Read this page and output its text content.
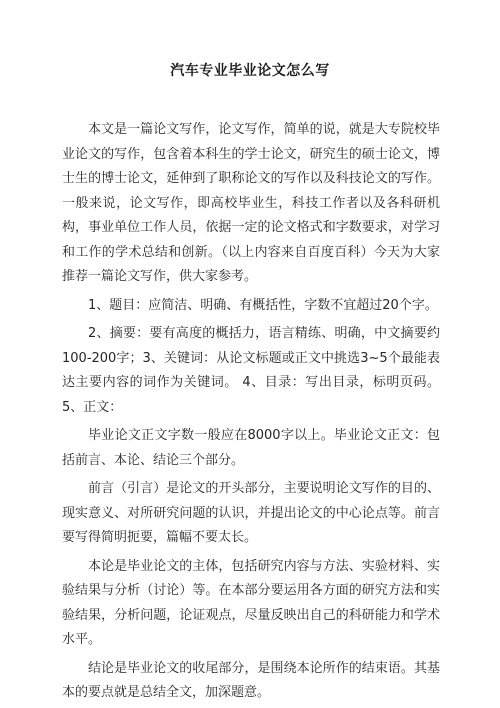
汽车专业毕业论文怎么写

本文是一篇论文写作，论文写作，简单的说，就是大专院校毕业论文的写作，包含着本科生的学士论文，研究生的硕士论文，博士生的博士论文，延伸到了职称论文的写作以及科技论文的写作。一般来说，论文写作，即高校毕业生，科技工作者以及各科研机构，事业单位工作人员，依据一定的论文格式和字数要求，对学习和工作的学术总结和创新。（以上内容来自百度百科）今天为大家推荐一篇论文写作，供大家参考。

1、题目：应简洁、明确、有概括性，字数不宜超过20个字。

2、摘要：要有高度的概括力，语言精练、明确，中文摘要约100-200字；3、关键词：从论文标题或正文中挑选3~5个最能表达主要内容的词作为关键词。 4、目录：写出目录，标明页码。 5、正文：

毕业论文正文字数一般应在8000字以上。毕业论文正文：包括前言、本论、结论三个部分。

前言（引言）是论文的开头部分，主要说明论文写作的目的、现实意义、对所研究问题的认识，并提出论文的中心论点等。前言要写得简明扼要，篇幅不要太长。

本论是毕业论文的主体，包括研究内容与方法、实验材料、实验结果与分析（讨论）等。在本部分要运用各方面的研究方法和实验结果，分析问题，论证观点，尽量反映出自己的科研能力和学术水平。

结论是毕业论文的收尾部分，是围绕本论所作的结束语。其基本的要点就是总结全文，加深题意。
